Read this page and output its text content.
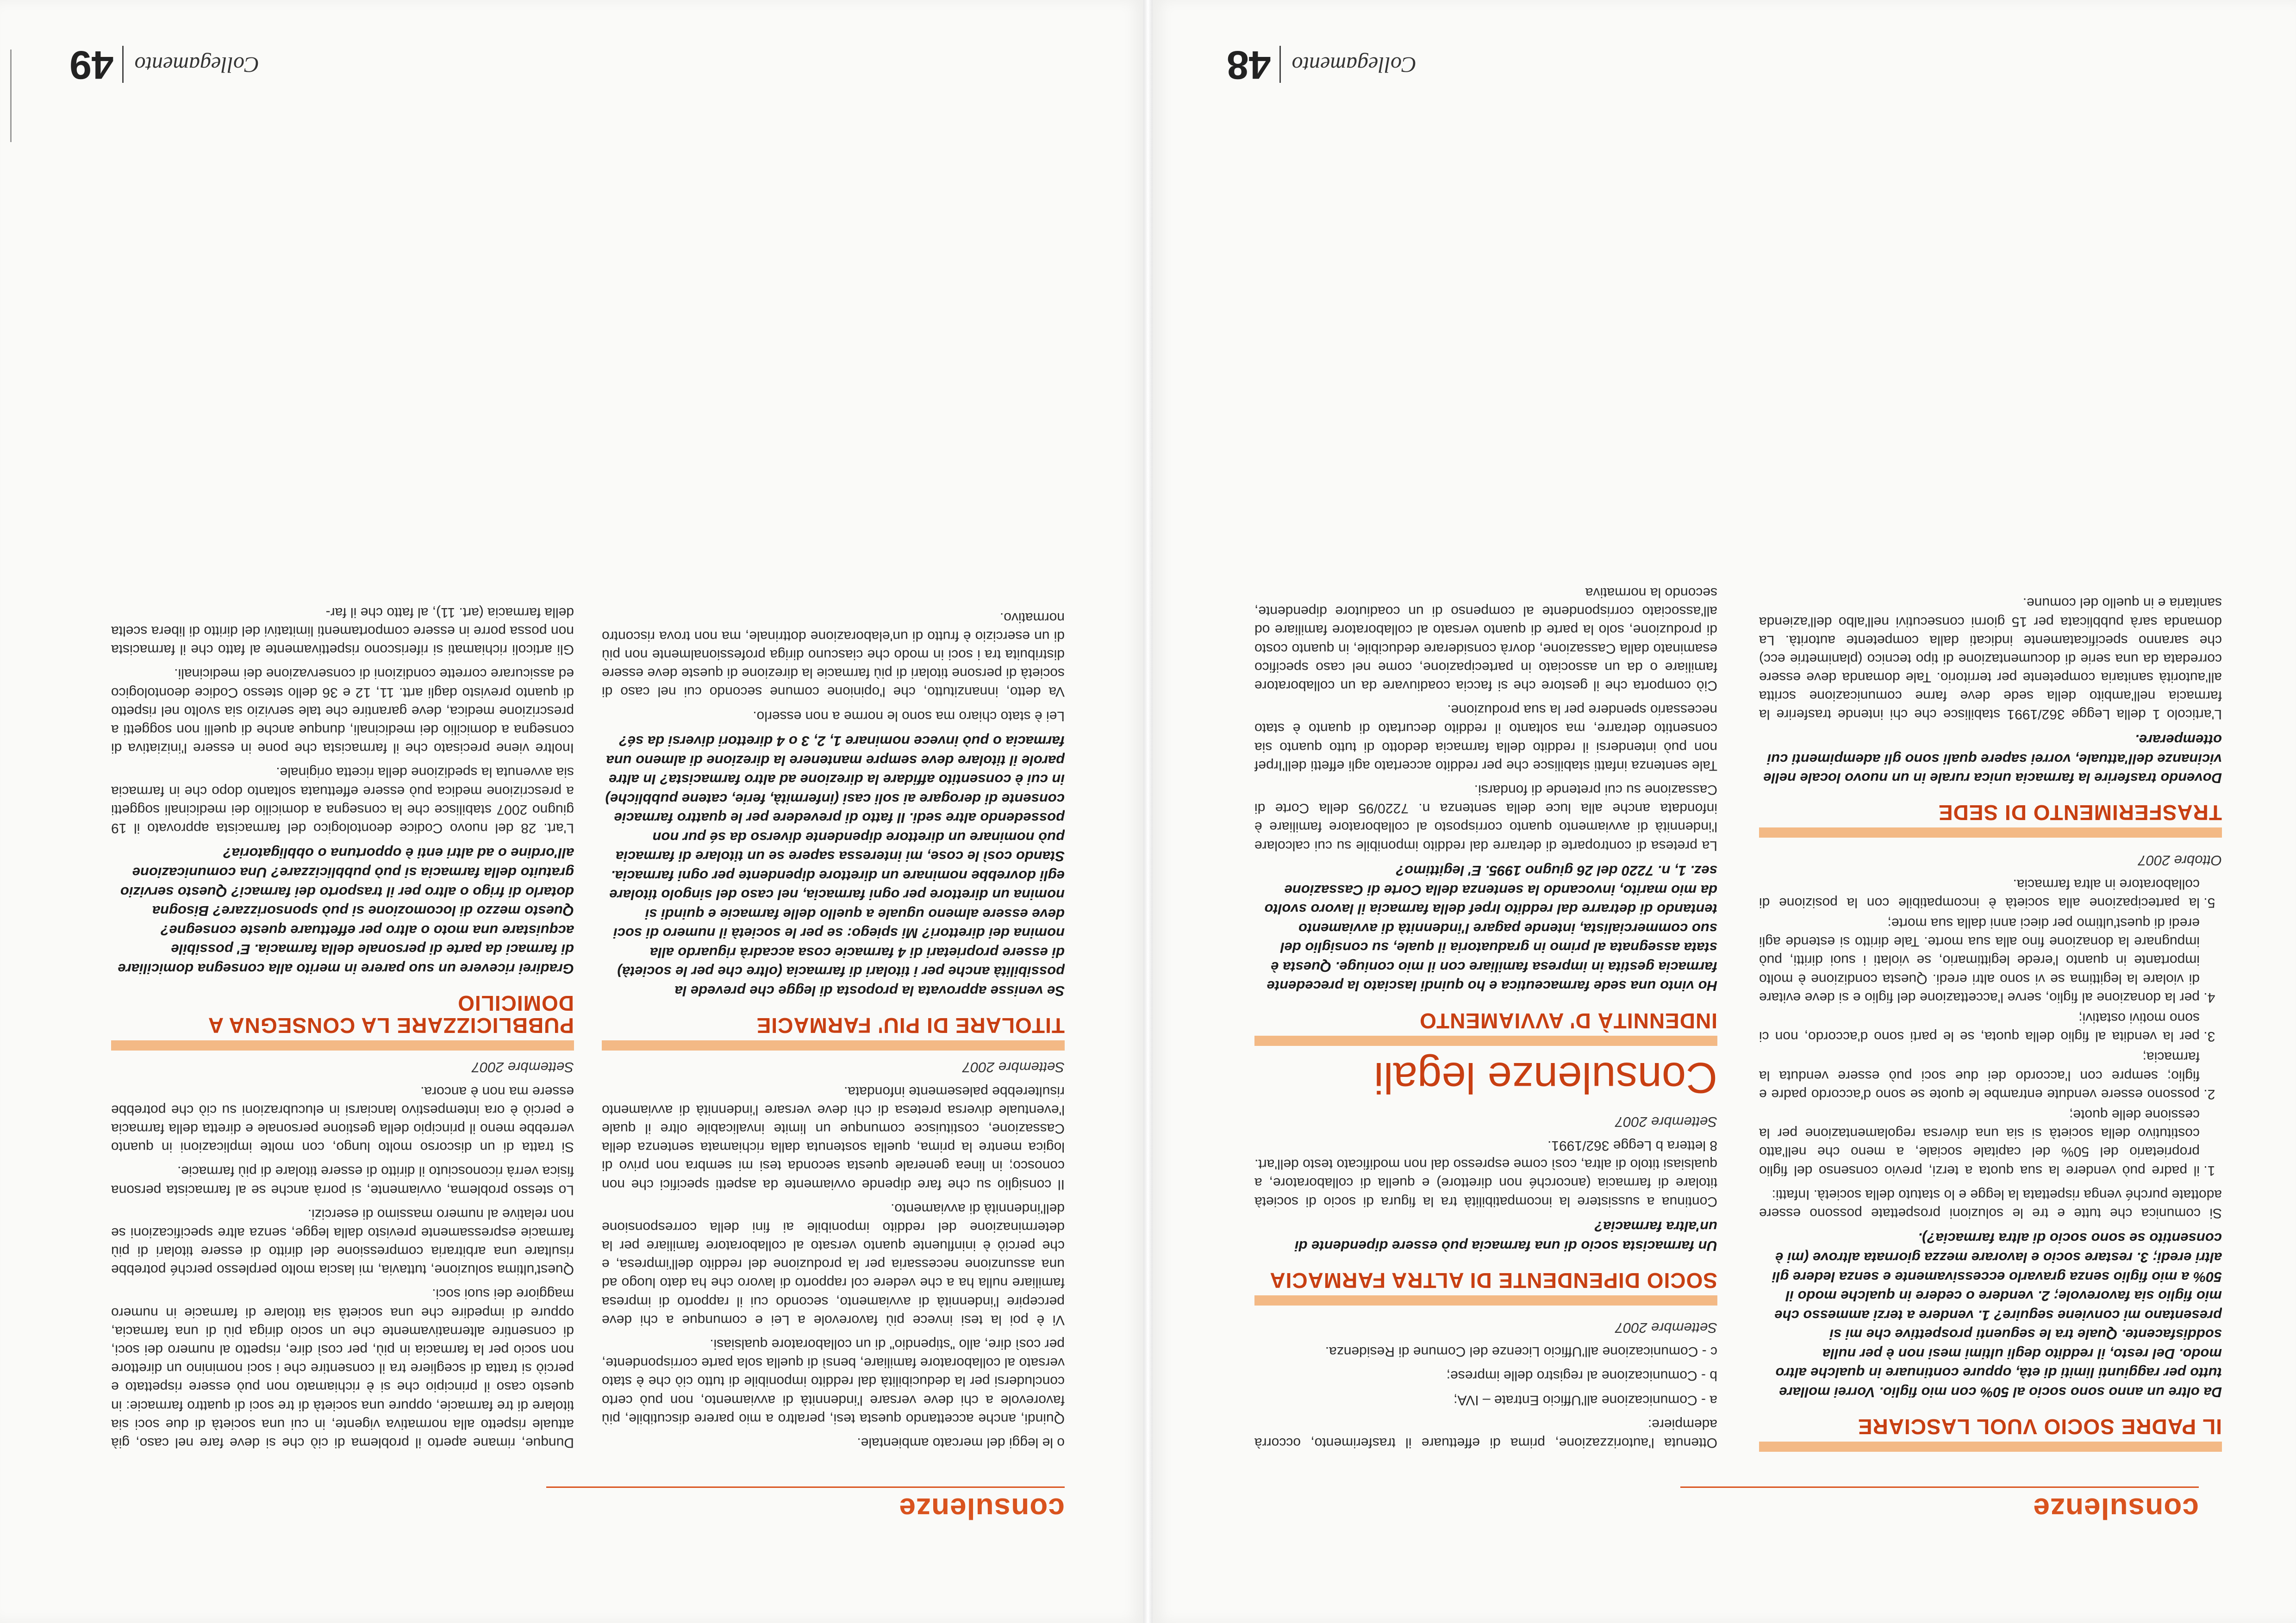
consulenze
IL PADRE SOCIO VUOL LASCIARE

Da oltre un anno sono socio al 50% con mio figlio. Vorrei mollare tutto per raggiunti limiti di età, oppure continuare in qualche altro modo. Del resto, il reddito degli ultimi mesi non è per nulla soddisfacente. Quale tra le seguenti prospettive che mi si presentano mi conviene seguire? 1. vendere a terzi ammesso che mio figlio sia favorevole; 2. vendere o cedere in qualche modo il 50% a mio figlio senza gravarlo eccessivamente e senza ledere gli altri eredi; 3. restare socio e lavorare mezza giornata altrove (mi è consentito se sono socio di altra farmacia?).

Si comunica che tutte e tre le soluzioni prospettate possono essere adottate purché venga rispettata la legge e lo statuto della società. Infatti:

1. il padre può vendere la sua quota a terzi, previo consenso del figlio proprietario del 50% del capitale sociale, a meno che nell'atto costitutivo della società si sia una diversa regolamentazione per la cessione delle quote;
2. possono essere vendute entrambe le quote se sono d'accordo padre e figlio; sempre con l'accordo dei due soci può essere venduta la farmacia;
3. per la vendita al figlio della quota, se le parti sono d'accordo, non ci sono motivi ostativi;
4. per la donazione al figlio, serve l'accettazione del figlio e si deve evitare di violare la legittima se vi sono altri eredi. Questa condizione è molto importante in quanto l'erede legittimario, se violati i suoi diritti, può impugnare la donazione fino alla sua morte. Tale diritto si estende agli eredi di quest'ultimo per dieci anni dalla sua morte;
5. la partecipazione alla società è incompatibile con la posizione di collaboratore in altra farmacia.

Ottobre 2007

TRASFERIMENTO DI SEDE

Dovendo trasferire la farmacia unica rurale in un nuovo locale nelle vicinanze dell'attuale, vorrei sapere quali sono gli adempimenti cui ottemperare.

L'articolo 1 della Legge 362/1991 stabilisce che chi intende trasferire la farmacia nell'ambito della sede deve farne comunicazione scritta all'autorità sanitaria competente per territorio. Tale domanda deve essere corredata da una serie di documentazione di tipo tecnico (planimetrie ecc) che saranno specificatamente indicati dalla competente autorità. La domanda sarà pubblicata per 15 giorni consecutivi nell'albo dell'azienda sanitaria e in quello del comune.

Ottenuta l'autorizzazione, prima di effettuare il trasferimento, occorrà adempiere:

a - Comunicazione all'Ufficio Entrate – IVA;

b - Comunicazione al registro delle imprese;

c - Comunicazione all'Ufficio Licenze del Comune di Residenza.

Settembre 2007

SOCIO DIPENDENTE DI ALTRA FARMACIA

Un farmacista socio di una farmacia può essere dipendente di un'altra farmacia?

Continua a sussistere la incompatibilità tra la figura di socio di società titolare di farmacia (ancorché non direttore) e quella di collaboratore, a qualsiasi titolo di altra, così come espresso dal non modificato testo dell'art. 8 lettera b Legge 362/1991.

Settembre 2007

Consulenze legali
INDENNITÀ D' AVVIAMENTO

Ho vinto una sede farmaceutica e ho quindi lasciato la precedente farmacia gestita in impresa familiare con il mio coniuge. Questa è stata assegnata al primo in graduatoria il quale, su consiglio del suo commercialista, intende pagare l'indennità di avviamento tentando di detrarre dal reddito Irpef della farmacia il lavoro svolto da mio marito, invocando la sentenza della Corte di Cassazione sez. 1, n. 7220 del 26 giugno 1995. E' legittimo?

La pretesa di controparte di detrarre dal reddito imponibile su cui calcolare l'indennità di avviamento quanto corrisposto al collaboratore familiare è infondata anche alla luce della sentenza n. 7220/95 della Corte di Cassazione su cui pretende di fondarsi.

Tale sentenza infatti stabilisce che per reddito accertato agli effetti dell'Irpef non può intendersi il reddito della farmacia dedotto di tutto quanto sia consentito detrarre, ma soltanto il reddito decurtato di quanto è stato necessario spendere per la sua produzione.

Ciò comporta che il gestore che si faccia coadiuvare da un collaboratore familiare o da un associato in partecipazione, come nel caso specifico esaminato dalla Cassazione, dovrà considerare deducibile, in quanto costo di produzione, solo la parte di quanto versato al collaboratore familiare od all'associato corrispondente al compenso di un coadiutore dipendente, secondo la normativa

Collegamento
48
consulenze

o le leggi del mercato ambientale.

Quindi, anche accettando questa tesi, peraltro a mio parere discutibile, più favorevole a chi deve versare l'indennità di avviamento, non può certo concludersi per la deducibilità dal reddito imponibile di tutto ciò che è stato versato al collaboratore familiare, bensì di quella sola parte corrispondente, per così dire, allo "stipendio" di un collaboratore qualsiasi.

Vi è poi la tesi invece più favorevole a Lei e comunque a chi deve percepire l'indennità di avviamento, secondo cui il rapporto di impresa familiare nulla ha a che vedere col rapporto di lavoro che ha dato luogo ad una assunzione necessaria per la produzione del reddito dell'impresa, e che perciò è ininfluente quanto versato al collaboratore familiare per la determinazione del reddito imponibile ai fini della corresponsione dell'indennità di avviamento.

Il consiglio su che fare dipende ovviamente da aspetti specifici che non conosco; in linea generale questa seconda tesi mi sembra non privo di logica mentre la prima, quella sostenuta dalla richiamata sentenza della Cassazione, costituisce comunque un limite invalicabile oltre il quale l'eventuale diversa pretesa di chi deve versare l'indennità di avviamento risulterebbe palesemente infondata.

Settembre 2007

TITOLARE DI PIU' FARMACIE

Se venisse approvata la proposta di legge che prevede la possibilità anche per i titolari di farmacia (oltre che per le società) di essere proprietari di 4 farmacie cosa accadrà riguardo alla nomina dei direttori? Mi spiego: se per le società il numero di soci deve essere almeno uguale a quello delle farmacie e quindi si nomina un direttore per ogni farmacia, nel caso del singolo titolare egli dovrebbe nominare un direttore dipendente per ogni farmacia. Stando così le cose, mi interessa sapere se un titolare di farmacia può nominare un direttore dipendente diverso da sé pur non possedendo altre sedi. Il fatto di prevedere per le quattro farmacie consente di derogare ai soli casi (infermità, ferie, catene pubbliche) in cui è consentito affidare la direzione ad altro farmacista? In altre parole il titolare deve sempre mantenere la direzione di almeno una farmacia o può invece nominare 1, 2, 3 o 4 direttori diversi da sé?

Lei è stato chiaro ma sono le norme a non esserlo.

Va detto, innanzitutto, che l'opinione comune secondo cui nel caso di società di persone titolari di più farmacie la direzione di queste deve essere distribuita tra i soci in modo che ciascuno diriga professionalmente non più di un esercizio è frutto di un'elaborazione dottrinale, ma non trova riscontro normativo.

Dunque, rimane aperto il problema di ciò che si deve fare nel caso, già attuale rispetto alla normativa vigente, in cui una società di due soci sia titolare di tre farmacie, oppure una società di tre soci di quattro farmacie: in questo caso il principio che si è richiamato non può essere rispettato e perciò si tratta di scegliere tra il consentire che i soci nominino un direttore non socio per la farmacia in più, per così dire, rispetto al numero dei soci, di consentire alternativamente che un socio diriga più di una farmacia, oppure di impedire che una società sia titolare di farmacie in numero maggiore dei suoi soci.

Quest'ultima soluzione, tuttavia, mi lascia molto perplesso perché potrebbe risultare una arbitraria compressione del diritto di essere titolari di più farmacie espressamente previsto dalla legge, senza altre specificazioni se non relative al numero massimo di esercizi.

Lo stesso problema, ovviamente, si porrà anche se al farmacista persona fisica verrà riconosciuto il diritto di essere titolare di più farmacie.

Si tratta di un discorso molto lungo, con molte implicazioni in quanto verrebbe meno il principio della gestione personale e diretta della farmacia e perciò è ora intempestivo lanciarsi in elucubrazioni su ciò che potrebbe essere ma non è ancora.

Settembre 2007

PUBBLICIZZARE LA CONSEGNA A DOMICILIO

Gradirei ricevere un suo parere in merito alla consegna domiciliare di farmaci da parte di personale della farmacia. E' possibile acquistare una moto o altro per effettuare queste consegne? Questo mezzo di locomozione si può sponsorizzare? Bisogna dotarlo di frigo o altro per il trasporto dei farmaci? Questo servizio gratuito della farmacia si può pubblicizzare? Una comunicazione all'ordine o ad altri enti è opportuna o obbligatoria?

L'art. 28 del nuovo Codice deontologico del farmacista approvato il 19 giugno 2007 stabilisce che la consegna a domicilio dei medicinali soggetti a prescrizione medica può essere effettuata soltanto dopo che in farmacia sia avvenuta la spedizione della ricetta originale.

Inoltre viene precisato che il farmacista che pone in essere l'iniziativa di consegna a domicilio dei medicinali, dunque anche di quelli non soggetti a prescrizione medica, deve garantire che tale servizio sia svolto nel rispetto di quanto previsto dagli artt. 11, 12 e 36 dello stesso Codice deontologico ed assicurare corrette condizioni di conservazione dei medicinali.

Gli articoli richiamati si riferiscono rispettivamente al fatto che il farmacista non possa porre in essere comportamenti limitativi del diritto di libera scelta della farmacia (art. 11), al fatto che il far-

Collegamento
49
